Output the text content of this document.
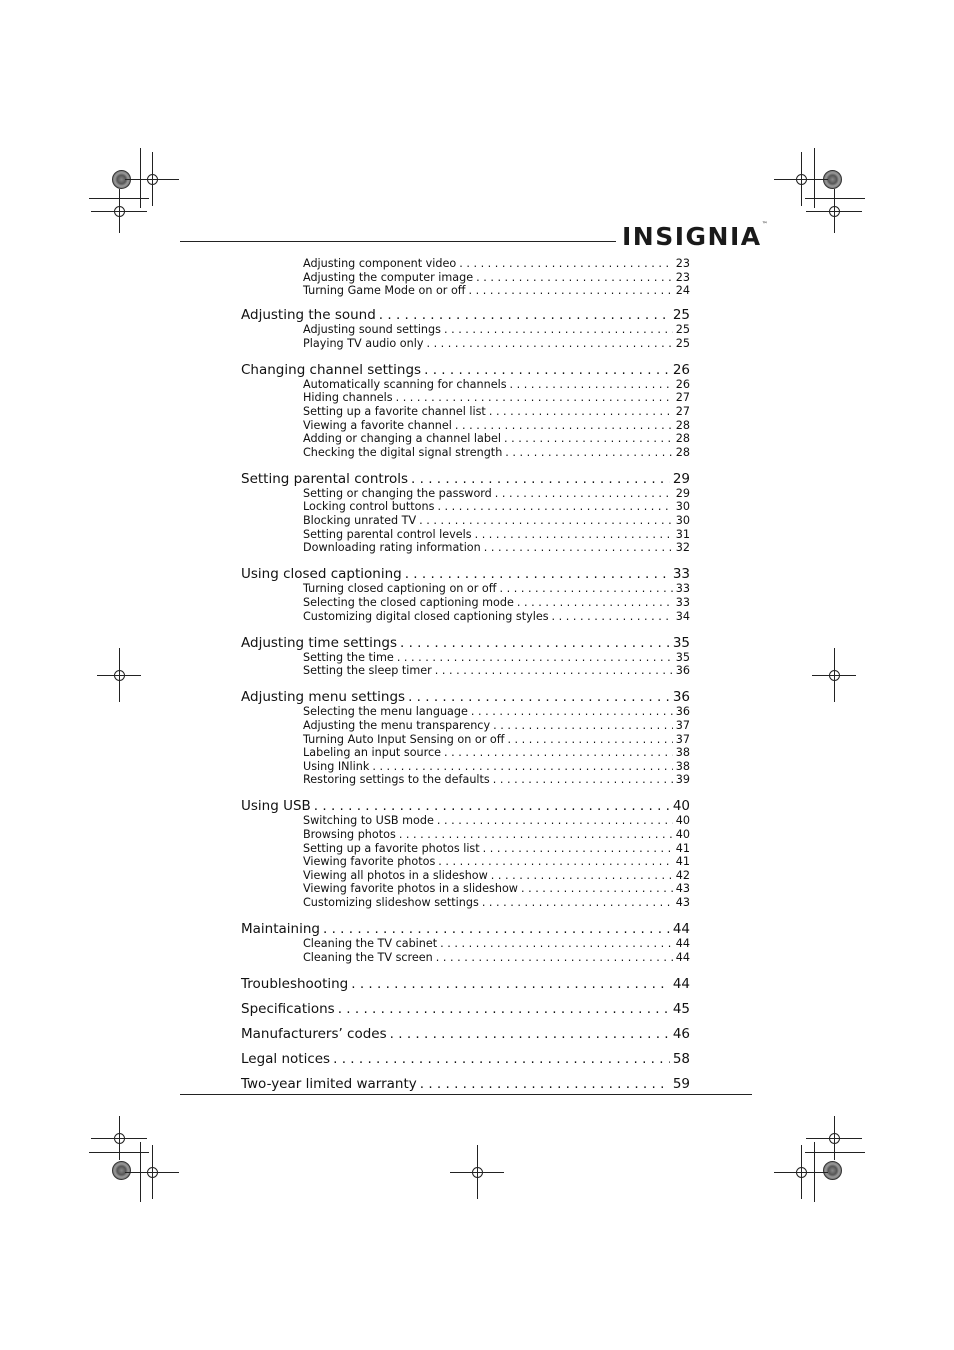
INSIGNIA™
Adjusting component video . . .	23
Adjusting the computer image . . .	23
Turning Game Mode on or off . . .	24
Adjusting the sound . . .	25
Adjusting sound settings . . .	25
Playing TV audio only . . .	25
Changing channel settings . . .	26
Automatically scanning for channels . . .	26
Hiding channels . . .	27
Setting up a favorite channel list . . .	27
Viewing a favorite channel . . .	28
Adding or changing a channel label . . .	28
Checking the digital signal strength . . .	28
Setting parental controls . . .	29
Setting or changing the password . . .	29
Locking control buttons . . .	30
Blocking unrated TV . . .	30
Setting parental control levels . . .	31
Downloading rating information . . .	32
Using closed captioning . . .	33
Turning closed captioning on or off . . .	33
Selecting the closed captioning mode . . .	33
Customizing digital closed captioning styles . . .	34
Adjusting time settings . . .	35
Setting the time . . .	35
Setting the sleep timer . . .	36
Adjusting menu settings . . .	36
Selecting the menu language . . .	36
Adjusting the menu transparency . . .	37
Turning Auto Input Sensing on or off . . .	37
Labeling an input source . . .	38
Using INlink . . .	38
Restoring settings to the defaults . . .	39
Using USB . . .	40
Switching to USB mode . . .	40
Browsing photos . . .	40
Setting up a favorite photos list . . .	41
Viewing favorite photos . . .	41
Viewing all photos in a slideshow . . .	42
Viewing favorite photos in a slideshow . . .	43
Customizing slideshow settings . . .	43
Maintaining . . .	44
Cleaning the TV cabinet . . .	44
Cleaning the TV screen . . .	44
Troubleshooting . . .	44
Specifications . . .	45
Manufacturers’ codes . . .	46
Legal notices . . .	58
Two-year limited warranty . . .	59
